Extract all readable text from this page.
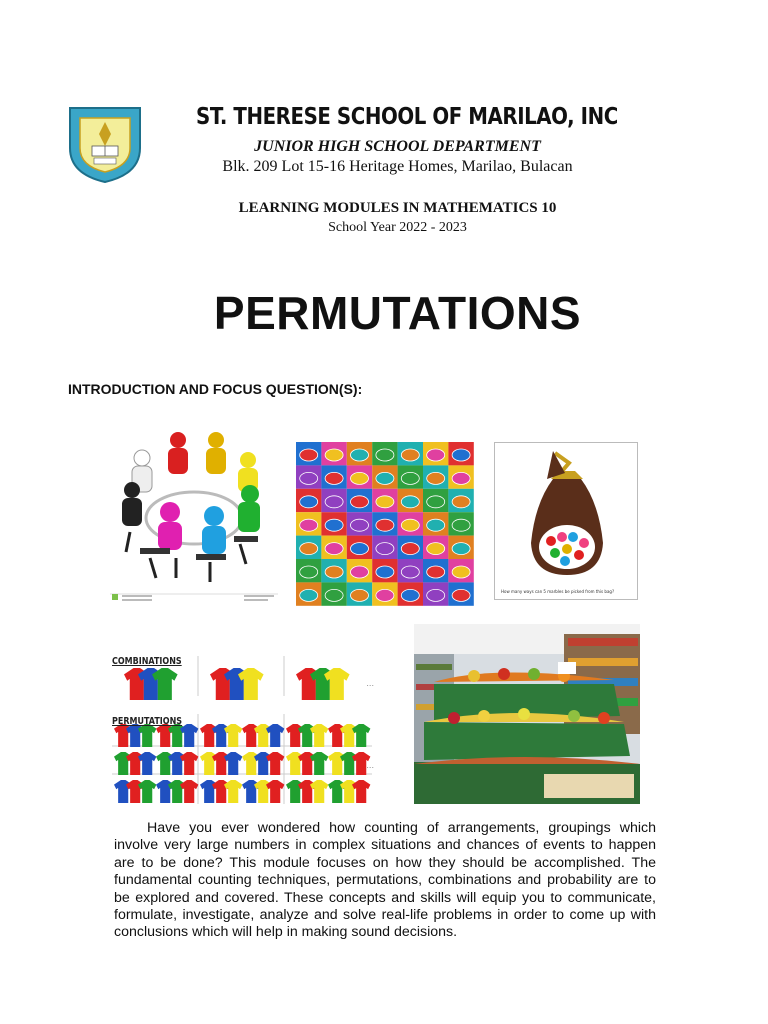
ST. THERESE SCHOOL OF MARILAO, INC
JUNIOR HIGH SCHOOL DEPARTMENT
Blk. 209 Lot 15-16 Heritage Homes, Marilao, Bulacan
LEARNING MODULES IN MATHEMATICS 10
School Year 2022 - 2023
PERMUTATIONS
INTRODUCTION AND FOCUS QUESTION(S):
How many ways can 5 marbles be picked from this bag?
...
...
COMBINATIONS
PERMUTATIONS
Have you ever wondered how counting of arrangements, groupings which involve very large numbers in complex situations and chances of events to happen are to be done? This module focuses on how they should be accomplished. The fundamental counting techniques, permutations, combinations and probability are to be explored and covered. These concepts and skills will equip you to communicate, formulate, investigate, analyze and solve real-life problems in order to come up with conclusions which will help in making sound decisions.
